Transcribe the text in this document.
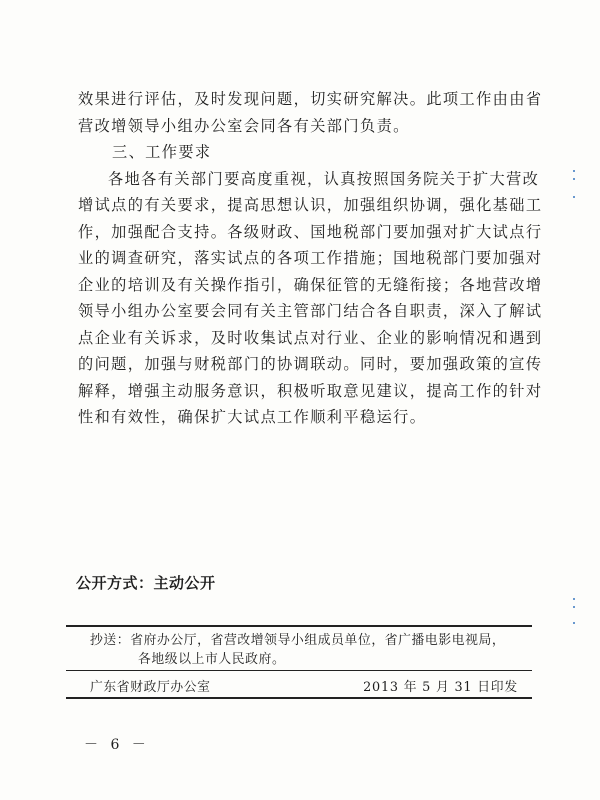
效果进行评估，及时发现问题，切实研究解决。此项工作由由省
营改增领导小组办公室会同各有关部门负责。
三、工作要求
各地各有关部门要高度重视，认真按照国务院关于扩大营改
增试点的有关要求，提高思想认识，加强组织协调，强化基础工
作，加强配合支持。各级财政、国地税部门要加强对扩大试点行
业的调查研究，落实试点的各项工作措施；国地税部门要加强对
企业的培训及有关操作指引，确保征管的无缝衔接；各地营改增
领导小组办公室要会同有关主管部门结合各自职责，深入了解试
点企业有关诉求，及时收集试点对行业、企业的影响情况和遇到
的问题，加强与财税部门的协调联动。同时，要加强政策的宣传
解释，增强主动服务意识，积极听取意见建议，提高工作的针对
性和有效性，确保扩大试点工作顺利平稳运行。
公开方式：主动公开
抄送：省府办公厅，省营改增领导小组成员单位，省广播电影电视局，
各地级以上市人民政府。
广东省财政厅办公室	2013 年 5 月 31 日印发
－ 6 －
